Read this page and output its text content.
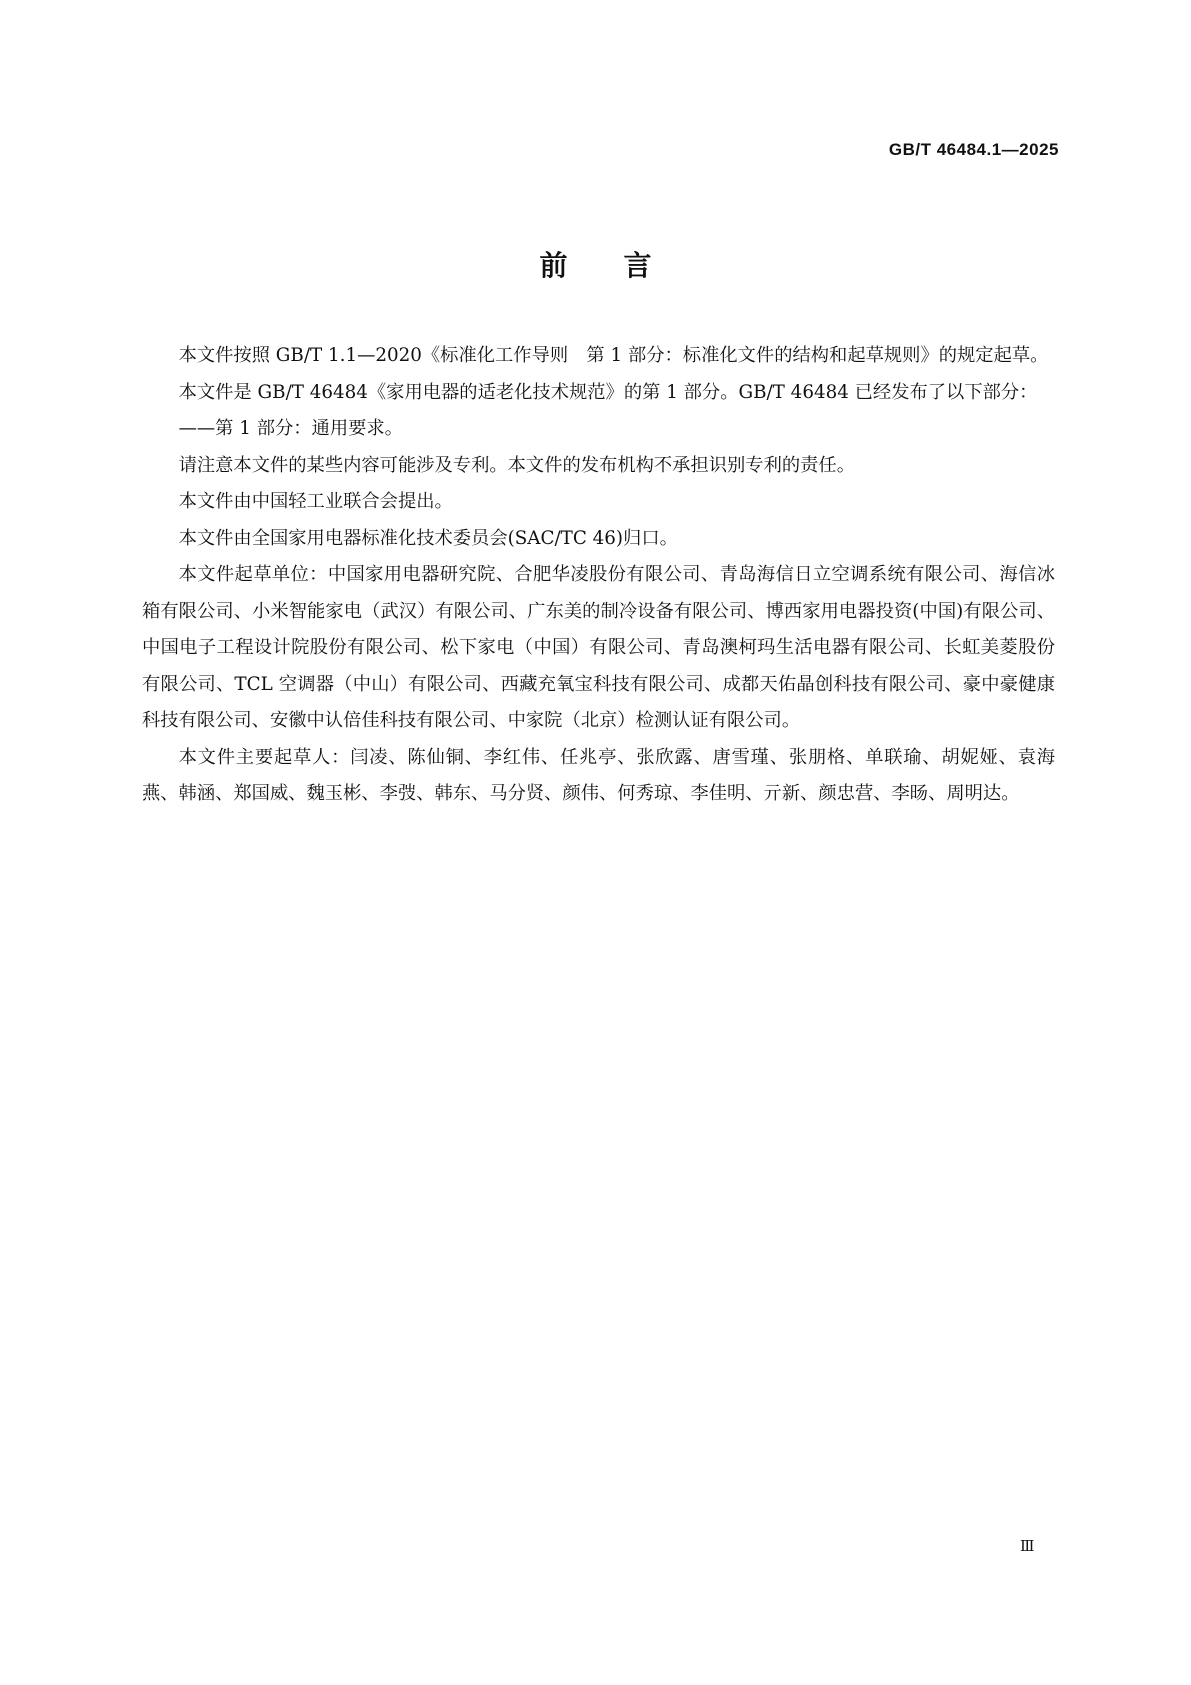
GB/T 46484.1—2025
前 言

本文件按照 GB/T 1.1—2020《标准化工作导则　第 1 部分：标准化文件的结构和起草规则》的规定起草。

本文件是 GB/T 46484《家用电器的适老化技术规范》的第 1 部分。GB/T 46484 已经发布了以下部分：

——第 1 部分：通用要求。

请注意本文件的某些内容可能涉及专利。本文件的发布机构不承担识别专利的责任。

本文件由中国轻工业联合会提出。

本文件由全国家用电器标准化技术委员会(SAC/TC 46)归口。

本文件起草单位：中国家用电器研究院、合肥华凌股份有限公司、青岛海信日立空调系统有限公司、海信冰箱有限公司、小米智能家电（武汉）有限公司、广东美的制冷设备有限公司、博西家用电器投资(中国)有限公司、中国电子工程设计院股份有限公司、松下家电（中国）有限公司、青岛澳柯玛生活电器有限公司、长虹美菱股份有限公司、TCL 空调器（中山）有限公司、西藏充氧宝科技有限公司、成都天佑晶创科技有限公司、豪中豪健康科技有限公司、安徽中认倍佳科技有限公司、中家院（北京）检测认证有限公司。

本文件主要起草人：闫凌、陈仙铜、李红伟、任兆亭、张欣露、唐雪瑾、张朋格、单联瑜、胡妮娅、袁海燕、韩涵、郑国威、魏玉彬、李弢、韩东、马分贤、颜伟、何秀琼、李佳明、亓新、颜忠营、李旸、周明达。

Ⅲ
